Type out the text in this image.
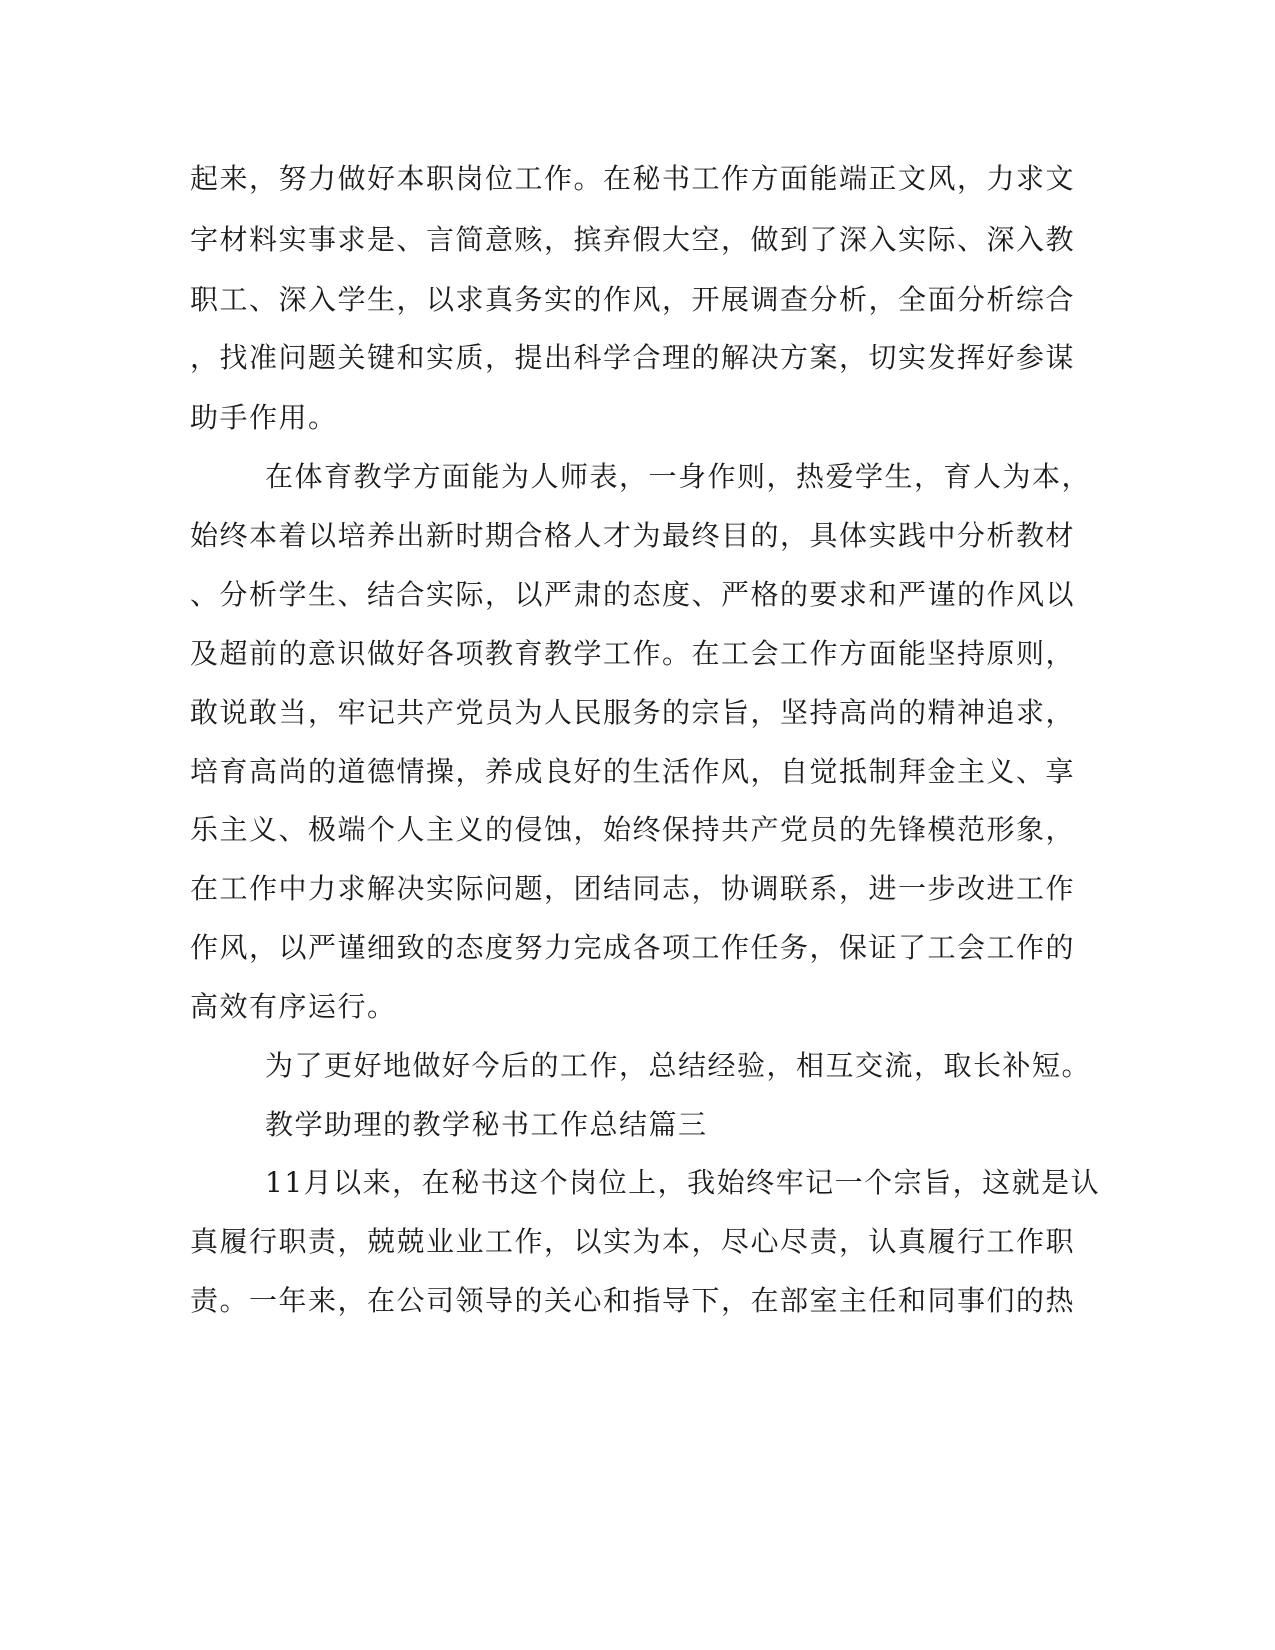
起来，努力做好本职岗位工作。在秘书工作方面能端正文风，力求文
字材料实事求是、言简意赅，摈弃假大空，做到了深入实际、深入教
职工、深入学生，以求真务实的作风，开展调查分析，全面分析综合
，找准问题关键和实质，提出科学合理的解决方案，切实发挥好参谋
助手作用。
在体育教学方面能为人师表，一身作则，热爱学生，育人为本，
始终本着以培养出新时期合格人才为最终目的，具体实践中分析教材
、分析学生、结合实际，以严肃的态度、严格的要求和严谨的作风以
及超前的意识做好各项教育教学工作。在工会工作方面能坚持原则，
敢说敢当，牢记共产党员为人民服务的宗旨，坚持高尚的精神追求，
培育高尚的道德情操，养成良好的生活作风，自觉抵制拜金主义、享
乐主义、极端个人主义的侵蚀，始终保持共产党员的先锋模范形象，
在工作中力求解决实际问题，团结同志，协调联系，进一步改进工作
作风，以严谨细致的态度努力完成各项工作任务，保证了工会工作的
高效有序运行。
为了更好地做好今后的工作，总结经验，相互交流，取长补短。
教学助理的教学秘书工作总结篇三
11月以来，在秘书这个岗位上，我始终牢记一个宗旨，这就是认
真履行职责，兢兢业业工作，以实为本，尽心尽责，认真履行工作职
责。一年来，在公司领导的关心和指导下，在部室主任和同事们的热
